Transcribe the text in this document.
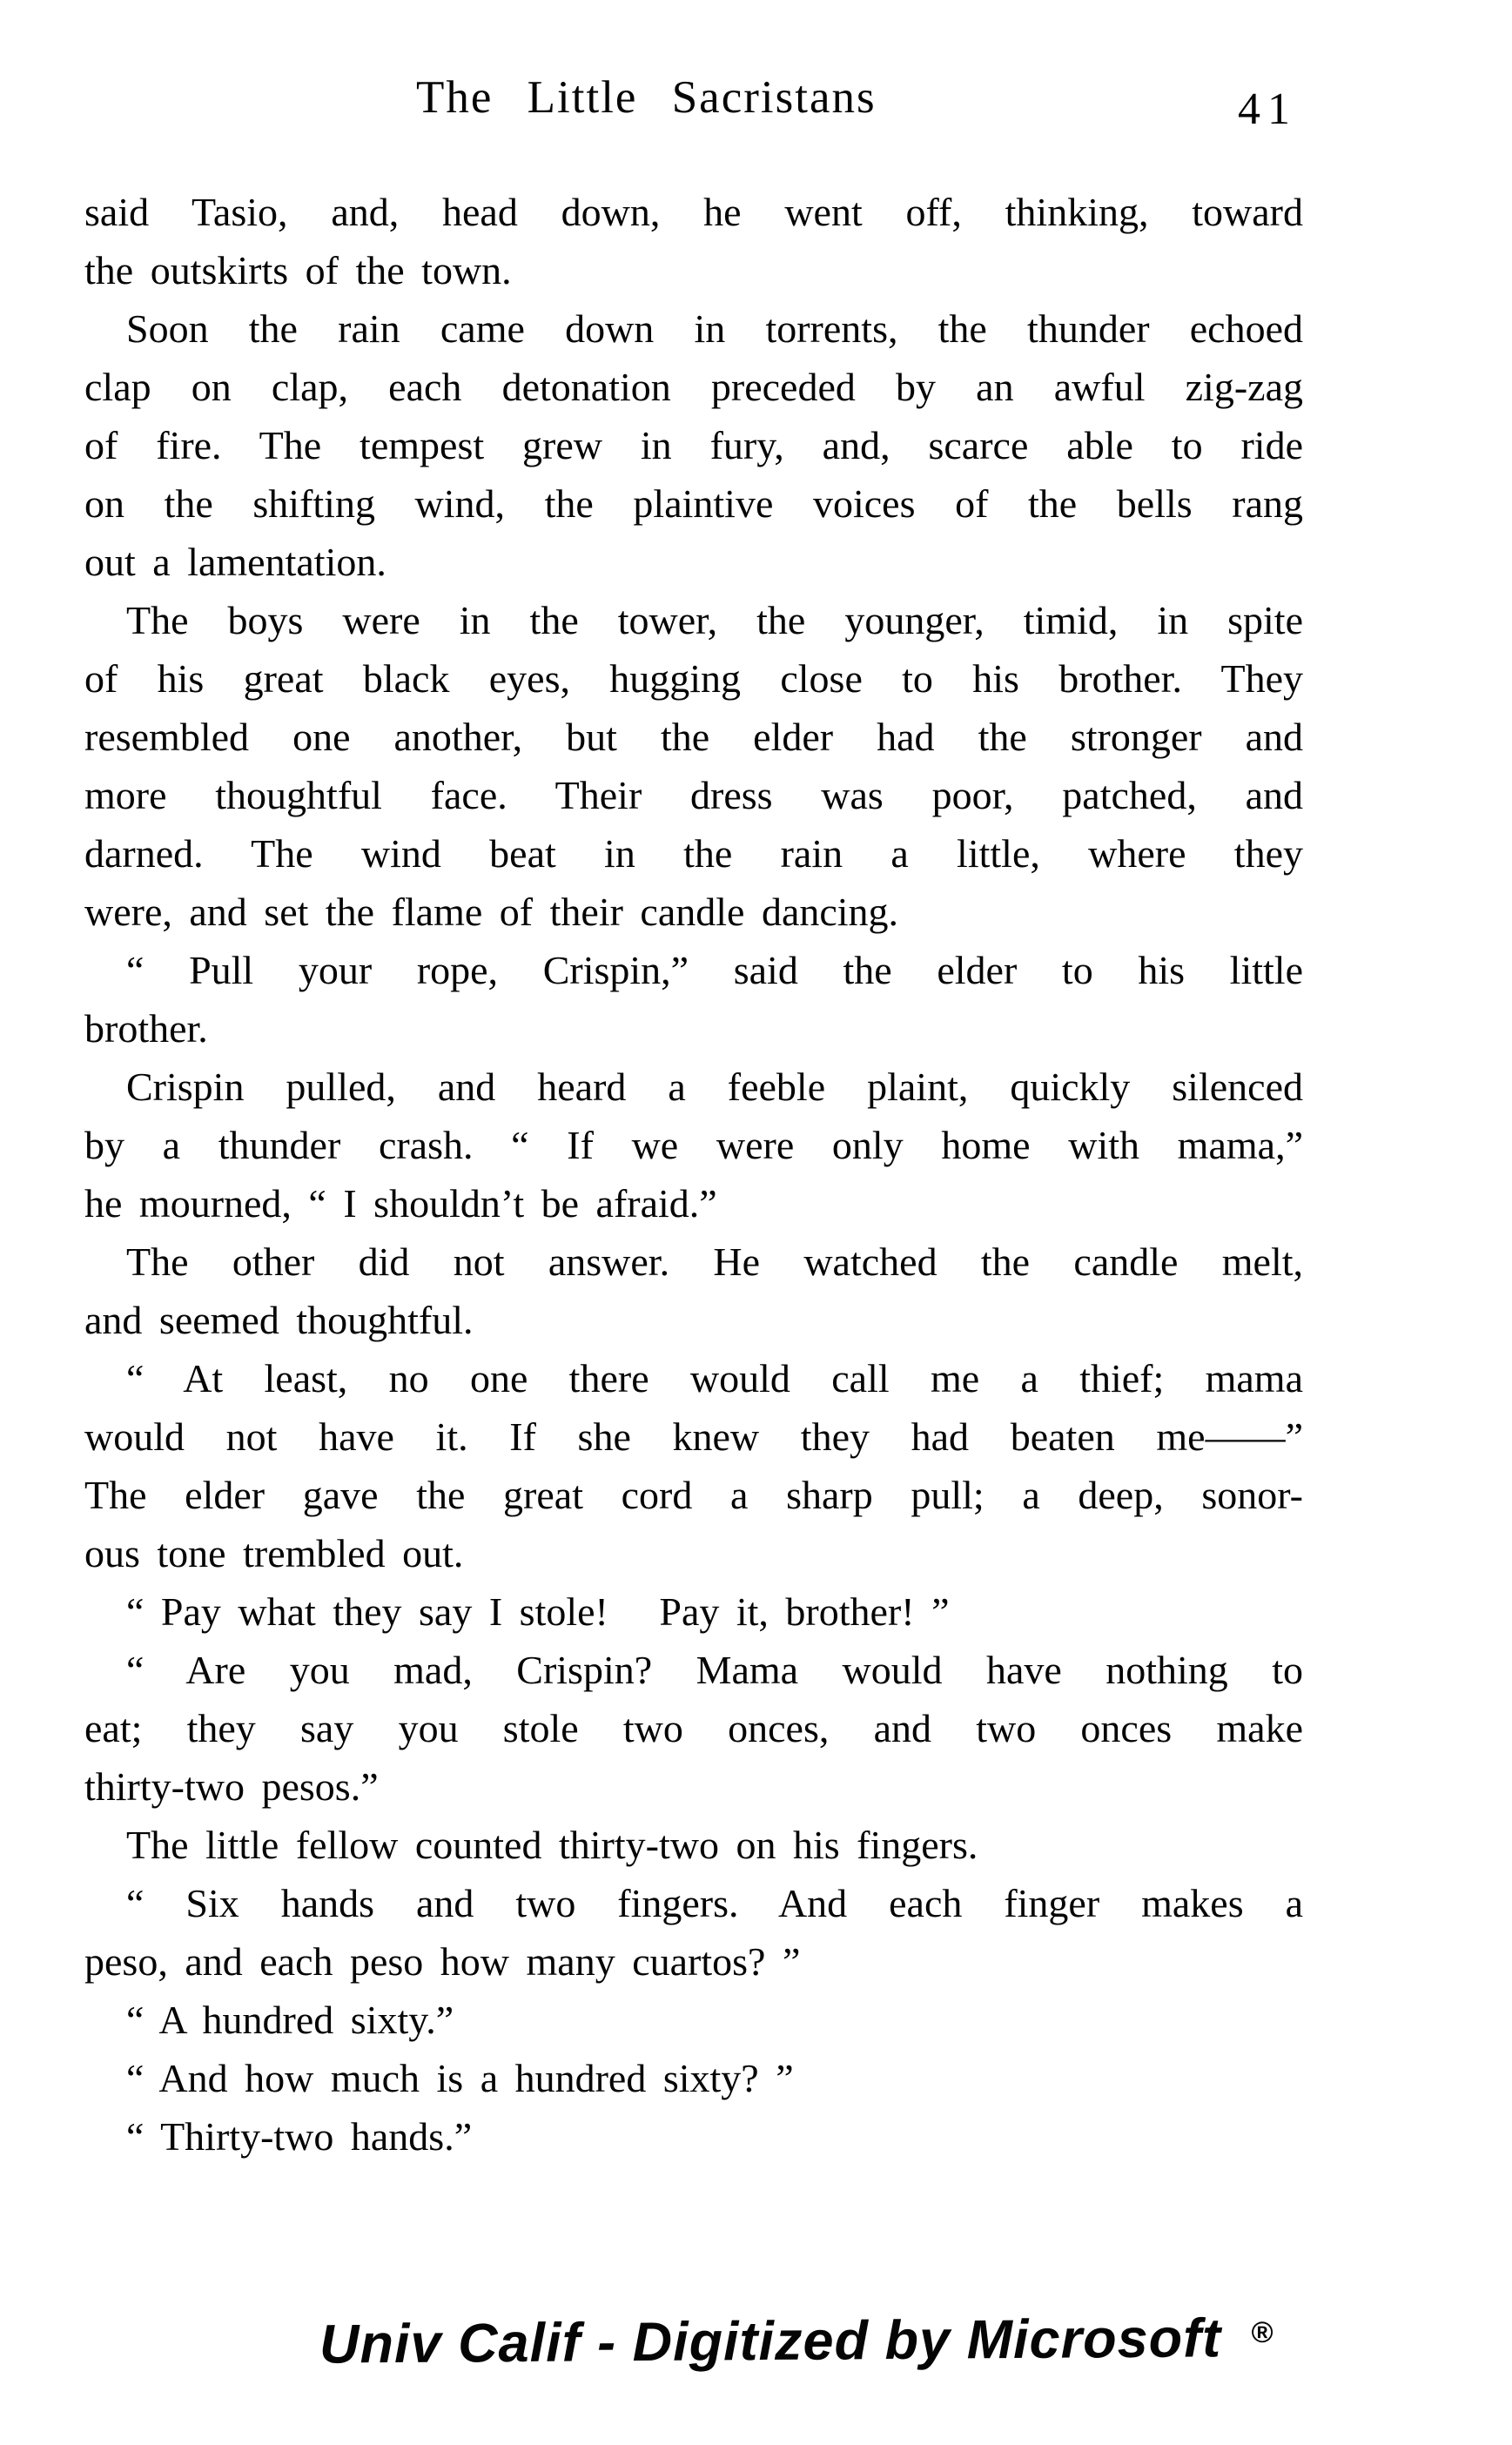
The Little Sacristans	41
said Tasio, and, head down, he went off, thinking, toward
the outskirts of the town.
Soon the rain came down in torrents, the thunder echoed
clap on clap, each detonation preceded by an awful zig-zag
of fire. The tempest grew in fury, and, scarce able to ride
on the shifting wind, the plaintive voices of the bells rang
out a lamentation.
The boys were in the tower, the younger, timid, in spite
of his great black eyes, hugging close to his brother. They
resembled one another, but the elder had the stronger and
more thoughtful face. Their dress was poor, patched, and
darned. The wind beat in the rain a little, where they
were, and set the flame of their candle dancing.
“ Pull your rope, Crispin,” said the elder to his little
brother.
Crispin pulled, and heard a feeble plaint, quickly silenced
by a thunder crash. “ If we were only home with mama,”
he mourned, “ I shouldn’t be afraid.”
The other did not answer. He watched the candle melt,
and seemed thoughtful.
“ At least, no one there would call me a thief; mama
would not have it. If she knew they had beaten me——”
The elder gave the great cord a sharp pull; a deep, sonor-
ous tone trembled out.
“ Pay what they say I stole!   Pay it, brother! ”
“ Are you mad, Crispin? Mama would have nothing to
eat; they say you stole two onces, and two onces make
thirty-two pesos.”
The little fellow counted thirty-two on his fingers.
“ Six hands and two fingers. And each finger makes a
peso, and each peso how many cuartos? ”
“ A hundred sixty.”
“ And how much is a hundred sixty? ”
“ Thirty-two hands.”

Univ Calif - Digitized by Microsoft ®
